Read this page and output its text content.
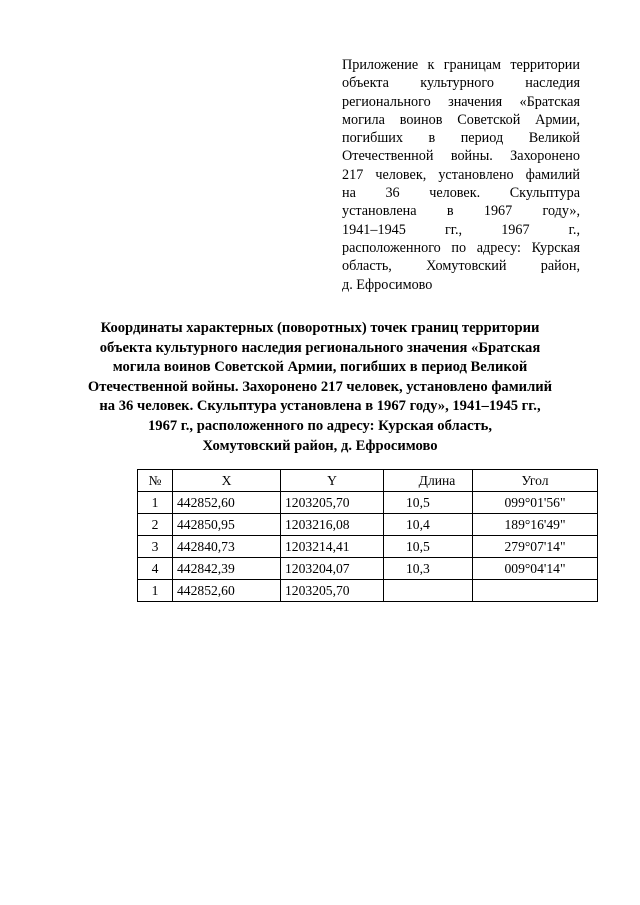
Приложение к границам территории
объекта культурного наследия
регионального значения «Братская
могила воинов Советской Армии,
погибших в период Великой
Отечественной войны. Захоронено
217 человек, установлено фамилий
на 36 человек. Скульптура
установлена в 1967 году»,
1941–1945 гг., 1967 г.,
расположенного по адресу: Курская
область, Хомутовский район,
д. Ефросимово
Координаты характерных (поворотных) точек границ территории
объекта культурного наследия регионального значения «Братская
могила воинов Советской Армии, погибших в период Великой
Отечественной войны. Захоронено 217 человек, установлено фамилий
на 36 человек. Скульптура установлена в 1967 году», 1941–1945 гг.,
1967 г., расположенного по адресу: Курская область,
Хомутовский район, д. Ефросимово
№	X	Y	Длина	Угол
1	442852,60	1203205,70	10,5	099°01'56"
2	442850,95	1203216,08	10,4	189°16'49"
3	442840,73	1203214,41	10,5	279°07'14"
4	442842,39	1203204,07	10,3	009°04'14"
1	442852,60	1203205,70		
